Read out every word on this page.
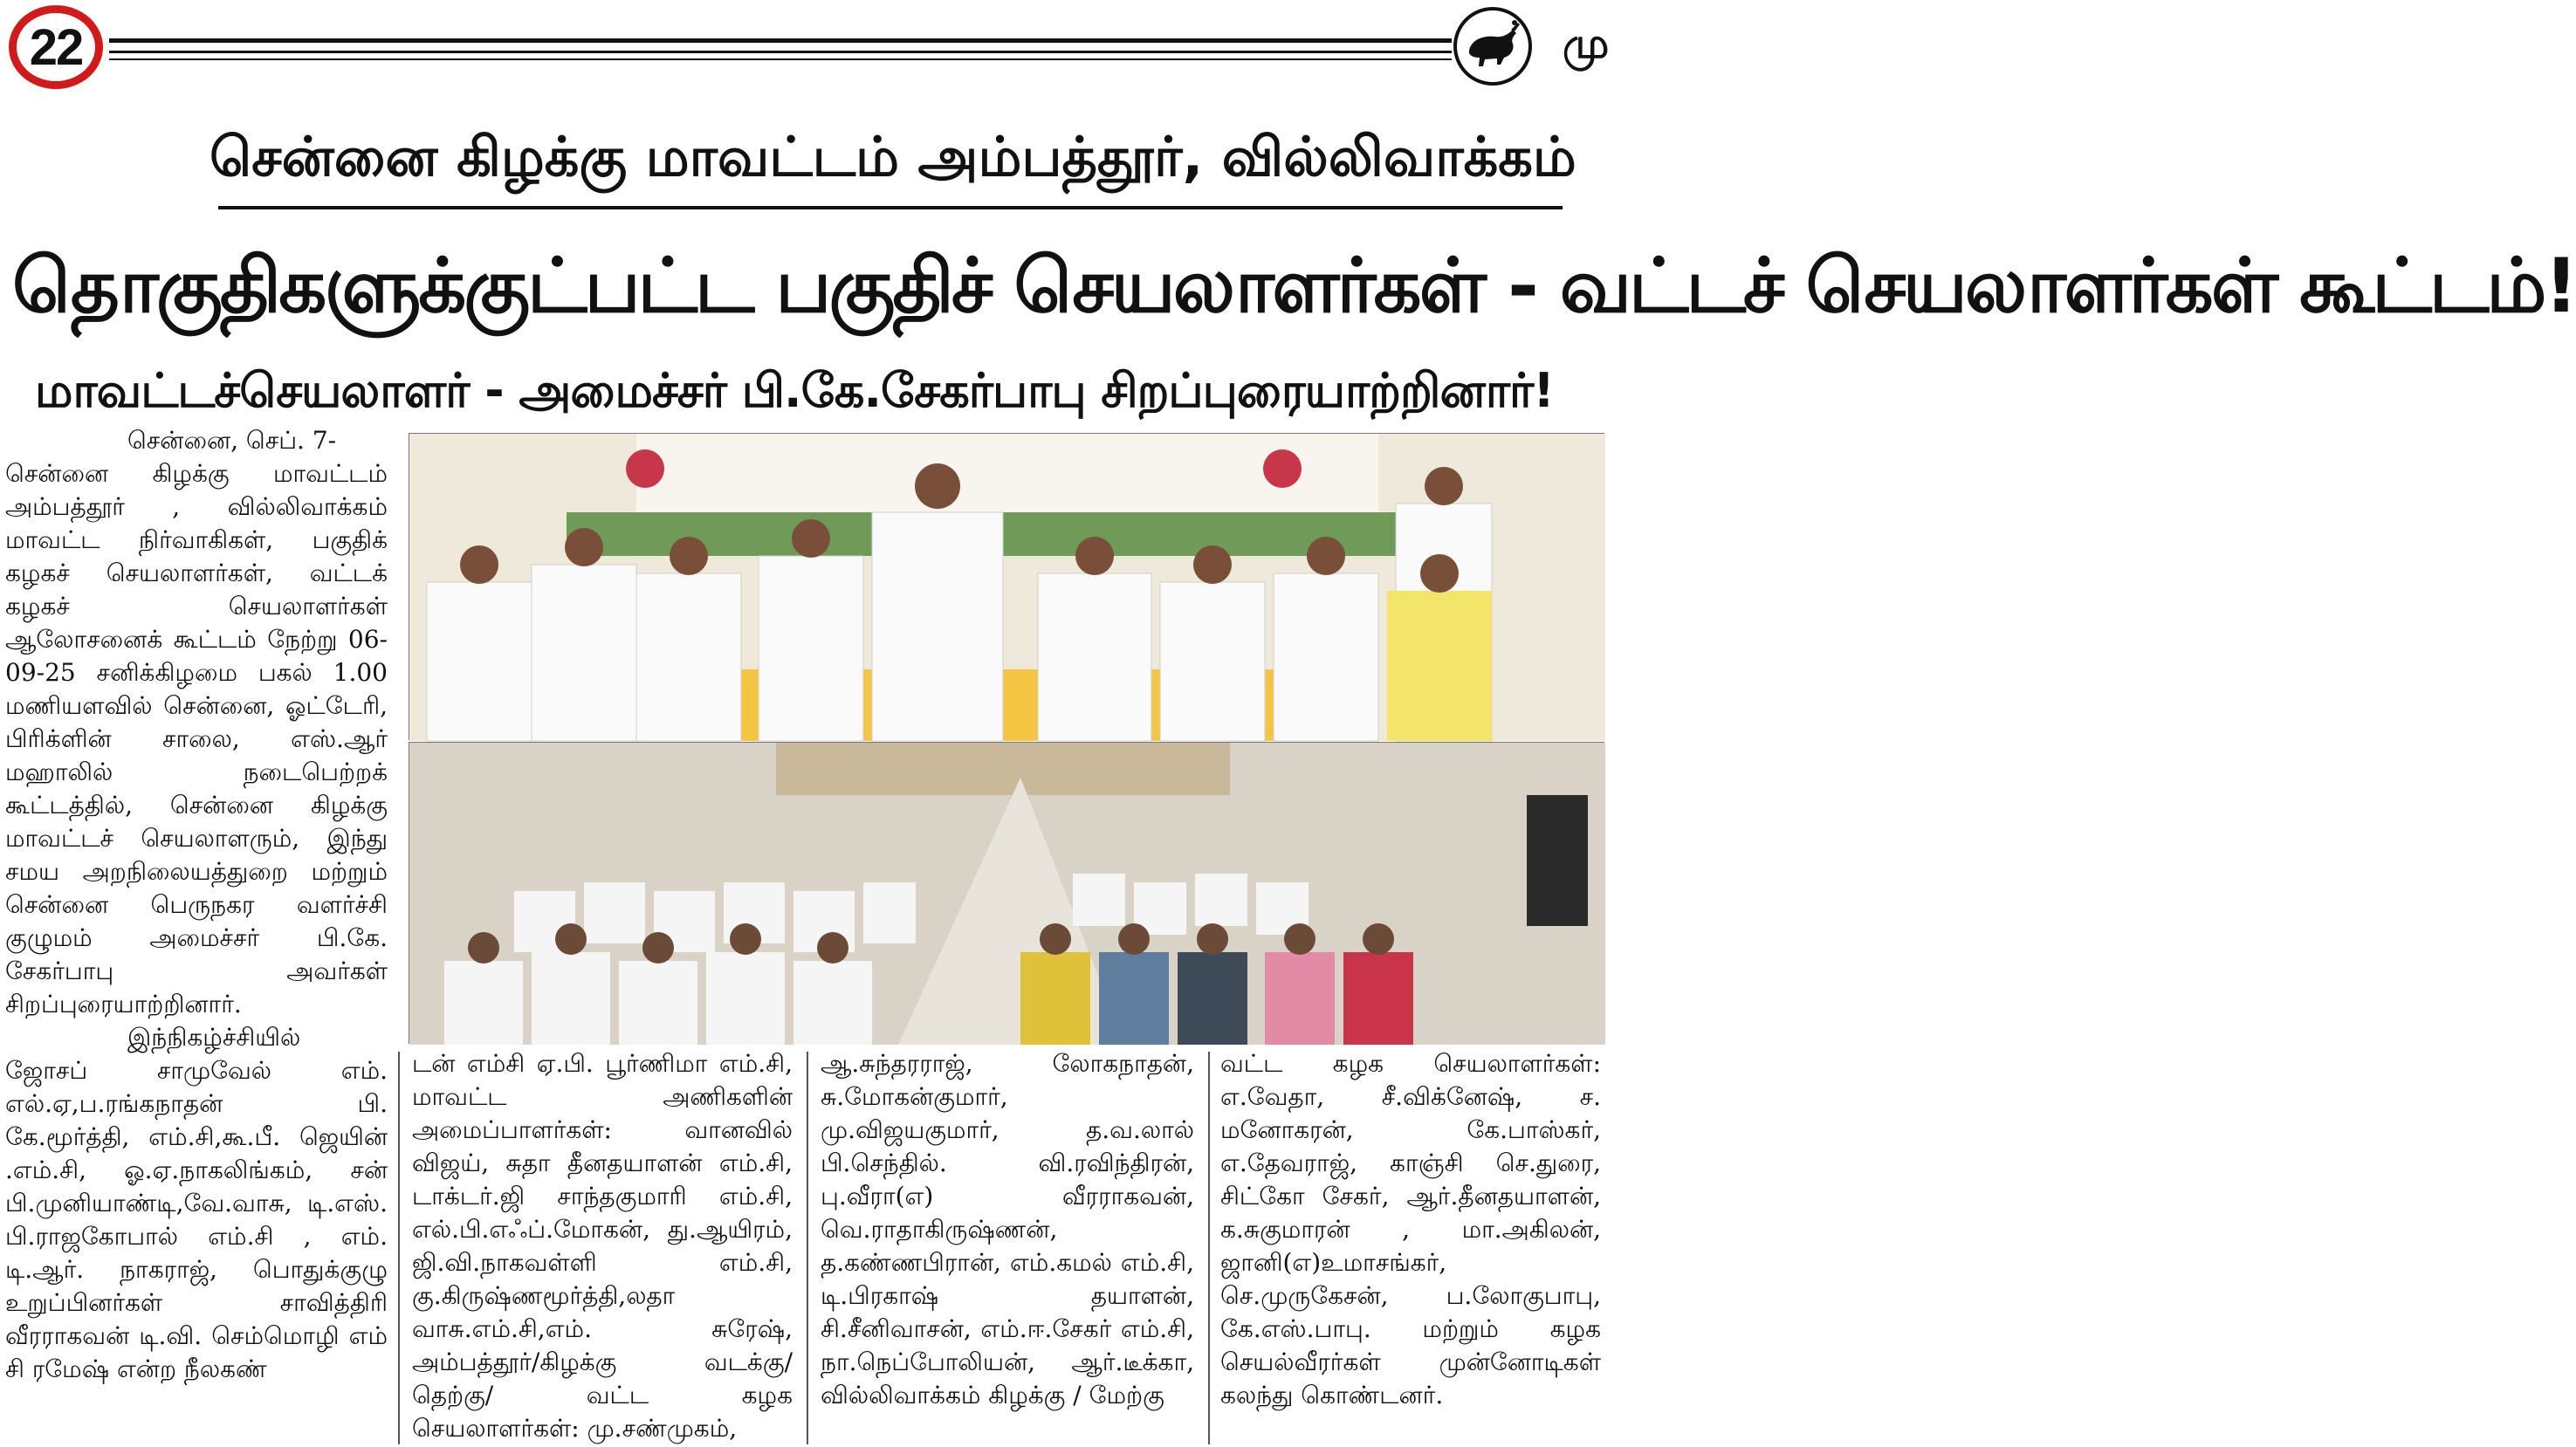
22	மு
சென்னை கிழக்கு மாவட்டம் அம்பத்தூர், வில்லிவாக்கம்
தொகுதிகளுக்குட்பட்ட பகுதிச் செயலாளர்கள் - வட்டச் செயலாளர்கள் கூட்டம்!
மாவட்டச்செயலாளர் - அமைச்சர் பி.கே.சேகர்பாபு சிறப்புரையாற்றினார்!

சென்னை, செப். 7-

சென்னை கிழக்கு மாவட்டம் அம்பத்தூர் , வில்லிவாக்கம் மாவட்ட நிர்வாகிகள், பகுதிக் கழகச் செயலாளர்கள், வட்டக் கழகச் செயலாளர்கள் ஆலோசனைக் கூட்டம் நேற்று 06-09-25 சனிக்கிழமை பகல் 1.00 மணியளவில் சென்னை, ஓட்டேரி, பிரிக்ளின் சாலை, எஸ்.ஆர் மஹாலில் நடைபெற்றக் கூட்டத்தில், சென்னை கிழக்கு மாவட்டச் செயலாளரும், இந்து சமய அறநிலையத்துறை மற்றும் சென்னை பெருநகர வளர்ச்சி குழுமம் அமைச்சர் பி.கே. சேகர்பாபு அவர்கள் சிறப்புரையாற்றினார்.

இந்நிகழ்ச்சியில் ஜோசப் சாமுவேல் எம். எல்.ஏ,ப.ரங்கநாதன் பி. கே.மூர்த்தி, எம்.சி,கூ.பீ. ஜெயின் .எம்.சி, ஓ.ஏ.நாகலிங்கம், சன் பி.முனியாண்டி,வே.வாசு, டி.எஸ். பி.ராஜகோபால் எம்.சி , எம். டி.ஆர். நாகராஜ், பொதுக்குழு உறுப்பினர்கள் சாவித்திரி வீரராகவன் டி.வி. செம்மொழி எம் சி ரமேஷ் என்ற நீலகண்

டன் எம்சி ஏ.பி. பூர்ணிமா எம்.சி, மாவட்ட அணிகளின் அமைப்பாளர்கள்: வானவில் விஜய், சுதா தீனதயாளன் எம்.சி, டாக்டர்.ஜி சாந்தகுமாரி எம்.சி, எல்.பி.எஃப்.மோகன், து.ஆயிரம், ஜி.வி.நாகவள்ளி எம்.சி, கு.கிருஷ்ணமூர்த்தி,லதா வாசு.எம்.சி,எம். சுரேஷ், அம்பத்தூர்/கிழக்கு வடக்கு/தெற்கு/ வட்ட கழக செயலாளர்கள்: மு.சண்முகம்,

ஆ.சுந்தரராஜ், லோகநாதன், சு.மோகன்குமார், மு.விஜயகுமார், த.வ.லால் பி.செந்தில். வி.ரவிந்திரன், பு.வீரா(எ) வீரராகவன், வெ.ராதாகிருஷ்ணன், த.கண்ணபிரான், எம்.கமல் எம்.சி, டி.பிரகாஷ் தயாளன், சி.சீனிவாசன், எம்.ஈ.சேகர் எம்.சி, நா.நெப்போலியன், ஆர்.டீக்கா, வில்லிவாக்கம் கிழக்கு / மேற்கு

வட்ட கழக செயலாளர்கள்: எ.வேதா, சீ.விக்னேஷ், ச. மனோகரன், கே.பாஸ்கர், எ.தேவராஜ், காஞ்சி செ.துரை, சிட்கோ சேகர், ஆர்.தீனதயாளன், க.சுகுமாரன் , மா.அகிலன், ஜானி(எ)உமாசங்கர், செ.முருகேசன், ப.லோகுபாபு, கே.எஸ்.பாபு. மற்றும் கழக செயல்வீரர்கள் முன்னோடிகள் கலந்து கொண்டனர்.
